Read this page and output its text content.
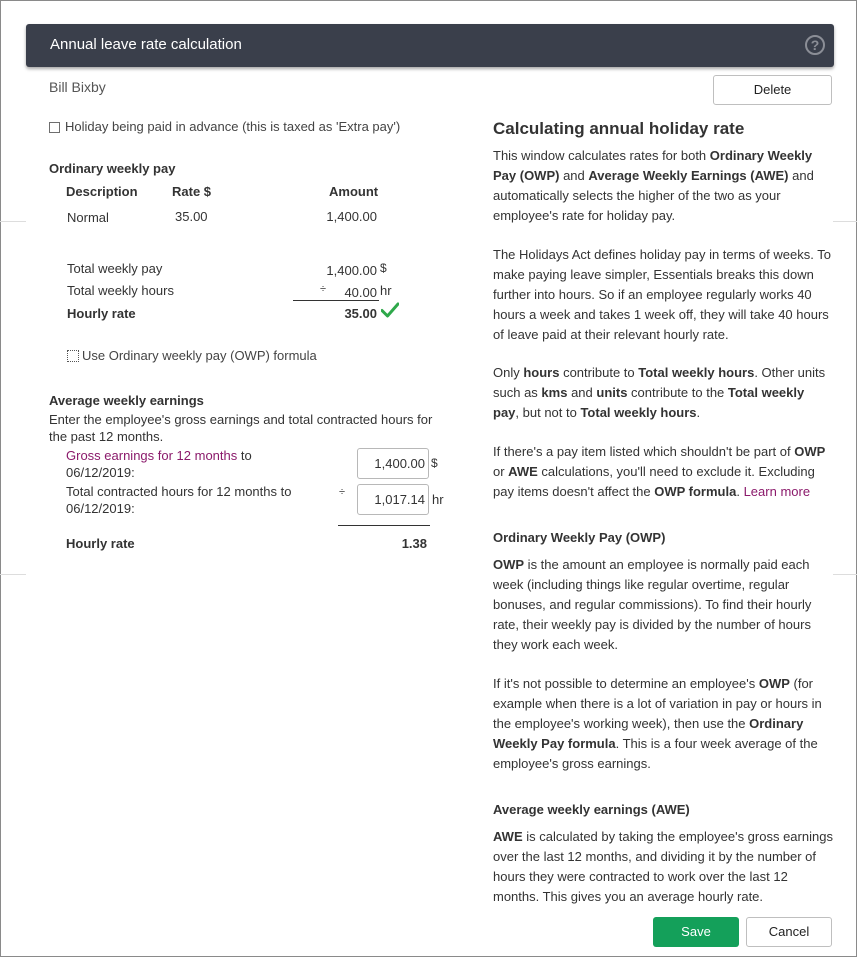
Annual leave rate calculation	?
Bill Bixby	Delete
Holiday being paid in advance (this is taxed as 'Extra pay')
Ordinary weekly pay
Description	Rate $	Amount
Normal	35.00	1,400.00
Total weekly pay	1,400.00 $
Total weekly hours	÷	40.00 hr
Hourly rate	35.00
Use Ordinary weekly pay (OWP) formula
Average weekly earnings
Enter the employee's gross earnings and total contracted hours for
the past 12 months.
Gross earnings for 12 months to
06/12/2019:
1,400.00 $
Total contracted hours for 12 months to
06/12/2019:
÷	1,017.14 hr
Hourly rate	1.38
Calculating annual holiday rate

This window calculates rates for both Ordinary Weekly Pay (OWP) and Average Weekly Earnings (AWE) and automatically selects the higher of the two as your employee's rate for holiday pay.

The Holidays Act defines holiday pay in terms of weeks. To make paying leave simpler, Essentials breaks this down further into hours. So if an employee regularly works 40 hours a week and takes 1 week off, they will take 40 hours of leave paid at their relevant hourly rate.

Only hours contribute to Total weekly hours. Other units such as kms and units contribute to the Total weekly pay, but not to Total weekly hours.

If there's a pay item listed which shouldn't be part of OWP or AWE calculations, you'll need to exclude it. Excluding pay items doesn't affect the OWP formula. Learn more

Ordinary Weekly Pay (OWP)

OWP is the amount an employee is normally paid each week (including things like regular overtime, regular bonuses, and regular commissions). To find their hourly rate, their weekly pay is divided by the number of hours they work each week.

If it's not possible to determine an employee's OWP (for example when there is a lot of variation in pay or hours in the employee's working week), then use the Ordinary Weekly Pay formula. This is a four week average of the employee's gross earnings.

Average weekly earnings (AWE)

AWE is calculated by taking the employee's gross earnings over the last 12 months, and dividing it by the number of hours they were contracted to work over the last 12 months. This gives you an average hourly rate.

Save	Cancel
